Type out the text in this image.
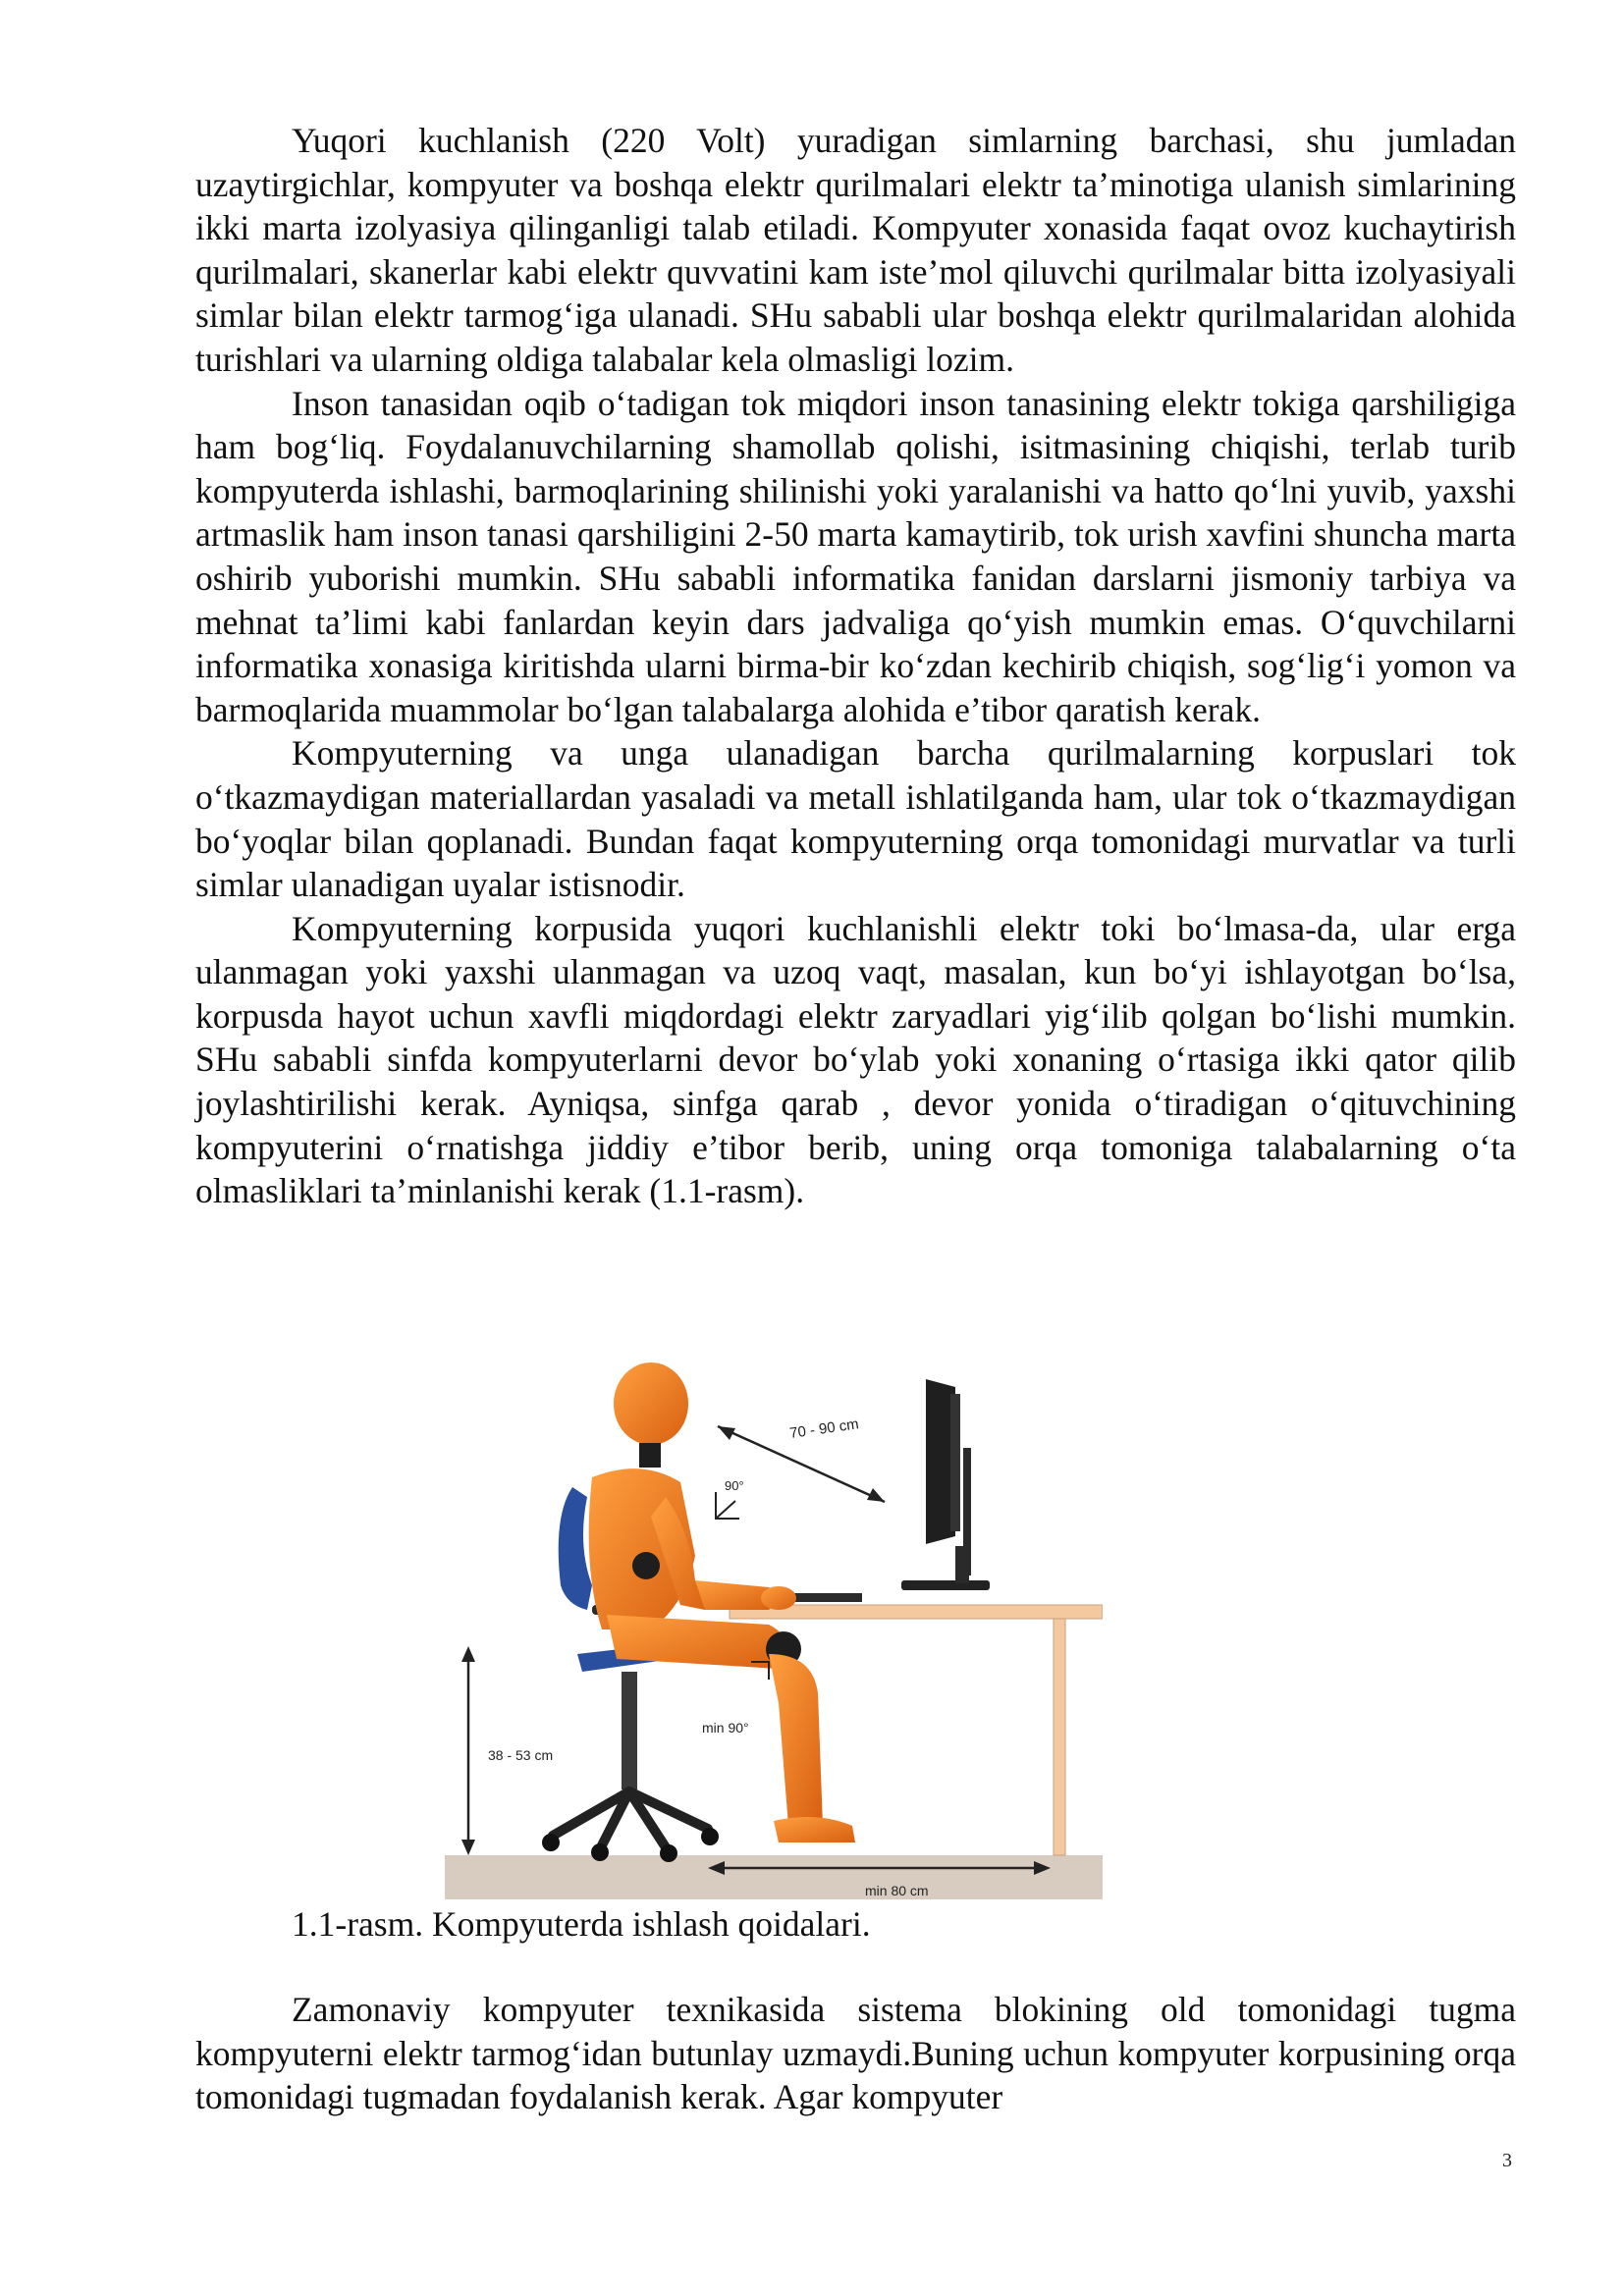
Yuqori kuchlanish (220 Volt) yuradigan simlarning barchasi, shu jumladan uzaytirgichlar, kompyuter va boshqa elektr qurilmalari elektr ta’minotiga ulanish simlarining ikki marta izolyasiya qilinganligi talab etiladi. Kompyuter xonasida faqat ovoz kuchaytirish qurilmalari, skanerlar kabi elektr quvvatini kam iste’mol qiluvchi qurilmalar bitta izolyasiyali simlar bilan elektr tarmog‘iga ulanadi. SHu sababli ular boshqa elektr qurilmalaridan alohida turishlari va ularning oldiga talabalar kela olmasligi lozim.

Inson tanasidan oqib o‘tadigan tok miqdori inson tanasining elektr tokiga qarshiligiga ham bog‘liq. Foydalanuvchilarning shamollab qolishi, isitmasining chiqishi, terlab turib kompyuterda ishlashi, barmoqlarining shilinishi yoki yaralanishi va hatto qo‘lni yuvib, yaxshi artmaslik ham inson tanasi qarshiligini 2-50 marta kamaytirib, tok urish xavfini shuncha marta oshirib yuborishi mumkin. SHu sababli informatika fanidan darslarni jismoniy tarbiya va mehnat ta’limi kabi fanlardan keyin dars jadvaliga qo‘yish mumkin emas. O‘quvchilarni informatika xonasiga kiritishda ularni birma-bir ko‘zdan kechirib chiqish, sog‘lig‘i yomon va barmoqlarida muammolar bo‘lgan talabalarga alohida e’tibor qaratish kerak.

Kompyuterning va unga ulanadigan barcha qurilmalarning korpuslari tok o‘tkazmaydigan materiallardan yasaladi va metall ishlatilganda ham, ular tok o‘tkazmaydigan bo‘yoqlar bilan qoplanadi. Bundan faqat kompyuterning orqa tomonidagi murvatlar va turli simlar ulanadigan uyalar istisnodir.

Kompyuterning korpusida yuqori kuchlanishli elektr toki bo‘lmasa-da, ular erga ulanmagan yoki yaxshi ulanmagan va uzoq vaqt, masalan, kun bo‘yi ishlayotgan bo‘lsa, korpusda hayot uchun xavfli miqdordagi elektr zaryadlari yig‘ilib qolgan bo‘lishi mumkin. SHu sababli sinfda kompyuterlarni devor bo‘ylab yoki xonaning o‘rtasiga ikki qator qilib joylashtirilishi kerak. Ayniqsa, sinfga qarab , devor yonida o‘tiradigan o‘qituvchining kompyuterini o‘rnatishga jiddiy e’tibor berib, uning orqa tomoniga talabalarning o‘ta olmasliklari ta’minlanishi kerak (1.1-rasm).

70 - 90 cm
90°
min 90°
38 - 53 cm
min 80 cm
1.1-rasm. Kompyuterda ishlash qoidalari.

Zamonaviy kompyuter texnikasida sistema blokining old tomonidagi tugma kompyuterni elektr tarmog‘idan butunlay uzmaydi.Buning uchun kompyuter korpusining orqa tomonidagi tugmadan foydalanish kerak. Agar kompyuter

3
